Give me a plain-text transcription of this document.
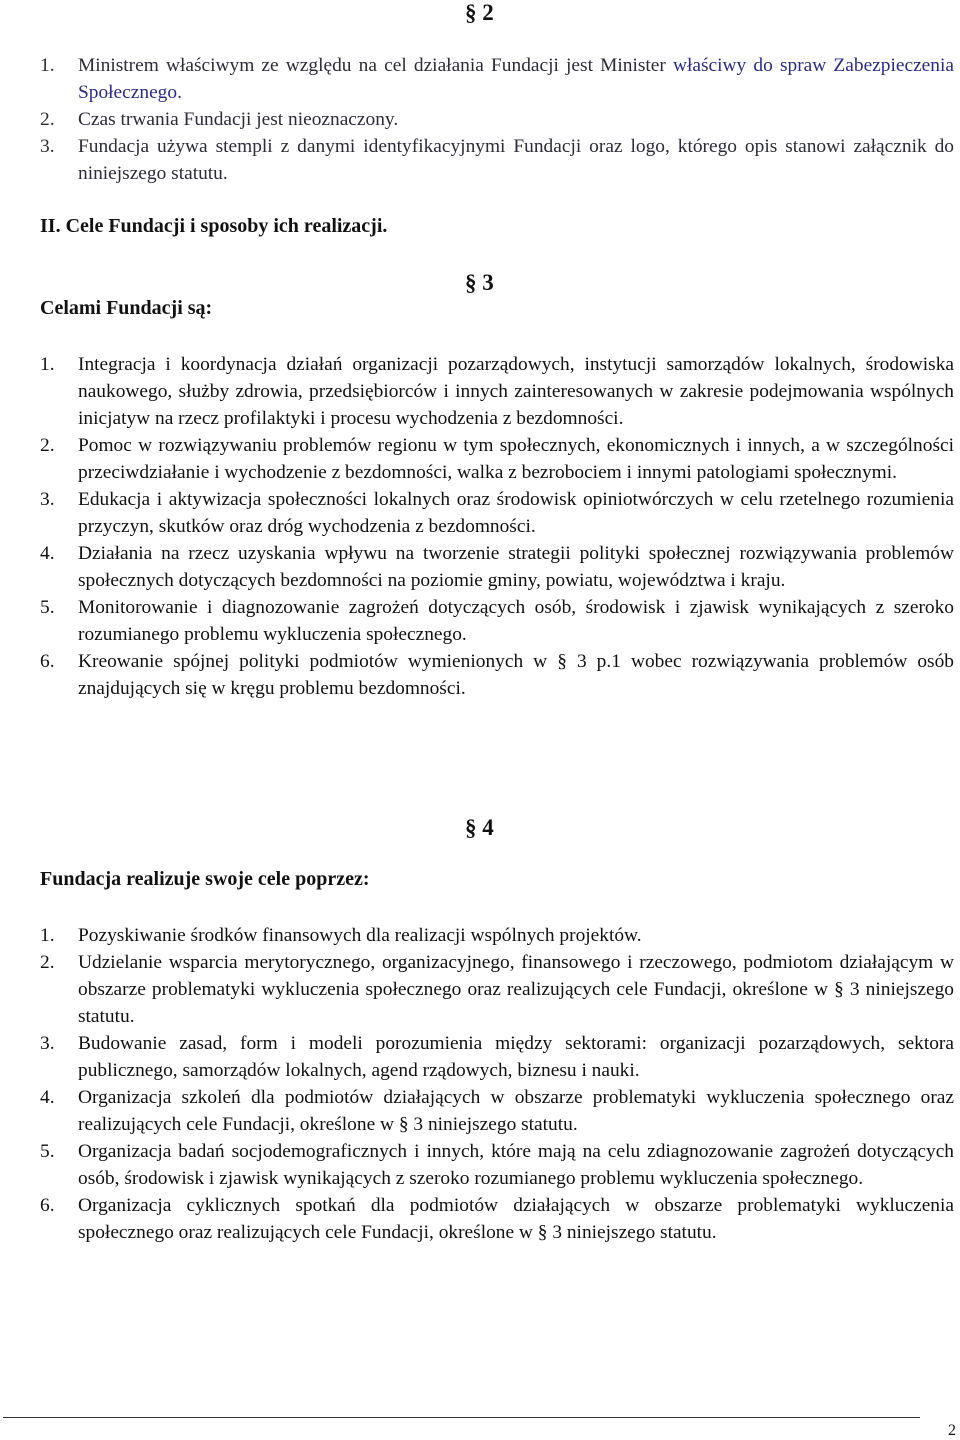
§ 2
1.	Ministrem właściwym ze względu na cel działania Fundacji jest Minister właściwy do spraw Zabezpieczenia Społecznego.
2.	Czas trwania Fundacji jest nieoznaczony.
3.	Fundacja używa stempli z danymi identyfikacyjnymi Fundacji oraz logo, którego opis stanowi załącznik do niniejszego statutu.
II. Cele Fundacji i sposoby ich realizacji.
§ 3
Celami Fundacji są:
1.	Integracja i koordynacja działań organizacji pozarządowych, instytucji samorządów lokalnych, środowiska naukowego, służby zdrowia, przedsiębiorców i innych zainteresowanych w zakresie podejmowania wspólnych inicjatyw na rzecz profilaktyki i procesu wychodzenia z bezdomności.
2.	Pomoc w rozwiązywaniu problemów regionu w tym społecznych, ekonomicznych i innych, a w szczególności przeciwdziałanie i wychodzenie z bezdomności, walka z bezrobociem i innymi patologiami społecznymi.
3.	Edukacja i aktywizacja społeczności lokalnych oraz środowisk opiniotwórczych w celu rzetelnego rozumienia przyczyn, skutków oraz dróg wychodzenia z bezdomności.
4.	Działania na rzecz uzyskania wpływu na tworzenie strategii polityki społecznej rozwiązywania problemów społecznych dotyczących bezdomności na poziomie gminy, powiatu, województwa i kraju.
5.	Monitorowanie i diagnozowanie zagrożeń dotyczących osób, środowisk i zjawisk wynikających z szeroko rozumianego problemu wykluczenia społecznego.
6.	Kreowanie spójnej polityki podmiotów wymienionych w § 3 p.1 wobec rozwiązywania problemów osób znajdujących się w kręgu problemu bezdomności.
§ 4
Fundacja realizuje swoje cele poprzez:
1.	Pozyskiwanie środków finansowych dla realizacji wspólnych projektów.
2.	Udzielanie wsparcia merytorycznego, organizacyjnego, finansowego i rzeczowego, podmiotom działającym w obszarze problematyki wykluczenia społecznego oraz realizujących cele Fundacji, określone w § 3 niniejszego statutu.
3.	Budowanie zasad, form i modeli porozumienia między sektorami: organizacji pozarządowych, sektora publicznego, samorządów lokalnych, agend rządowych, biznesu i nauki.
4.	Organizacja szkoleń dla podmiotów działających w obszarze problematyki wykluczenia społecznego oraz realizujących cele Fundacji, określone w § 3 niniejszego statutu.
5.	Organizacja badań socjodemograficznych i innych, które mają na celu zdiagnozowanie zagrożeń dotyczących osób, środowisk i zjawisk wynikających z szeroko rozumianego problemu wykluczenia społecznego.
6.	Organizacja cyklicznych spotkań dla podmiotów działających w obszarze problematyki wykluczenia społecznego oraz realizujących cele Fundacji, określone w § 3 niniejszego statutu.
2
